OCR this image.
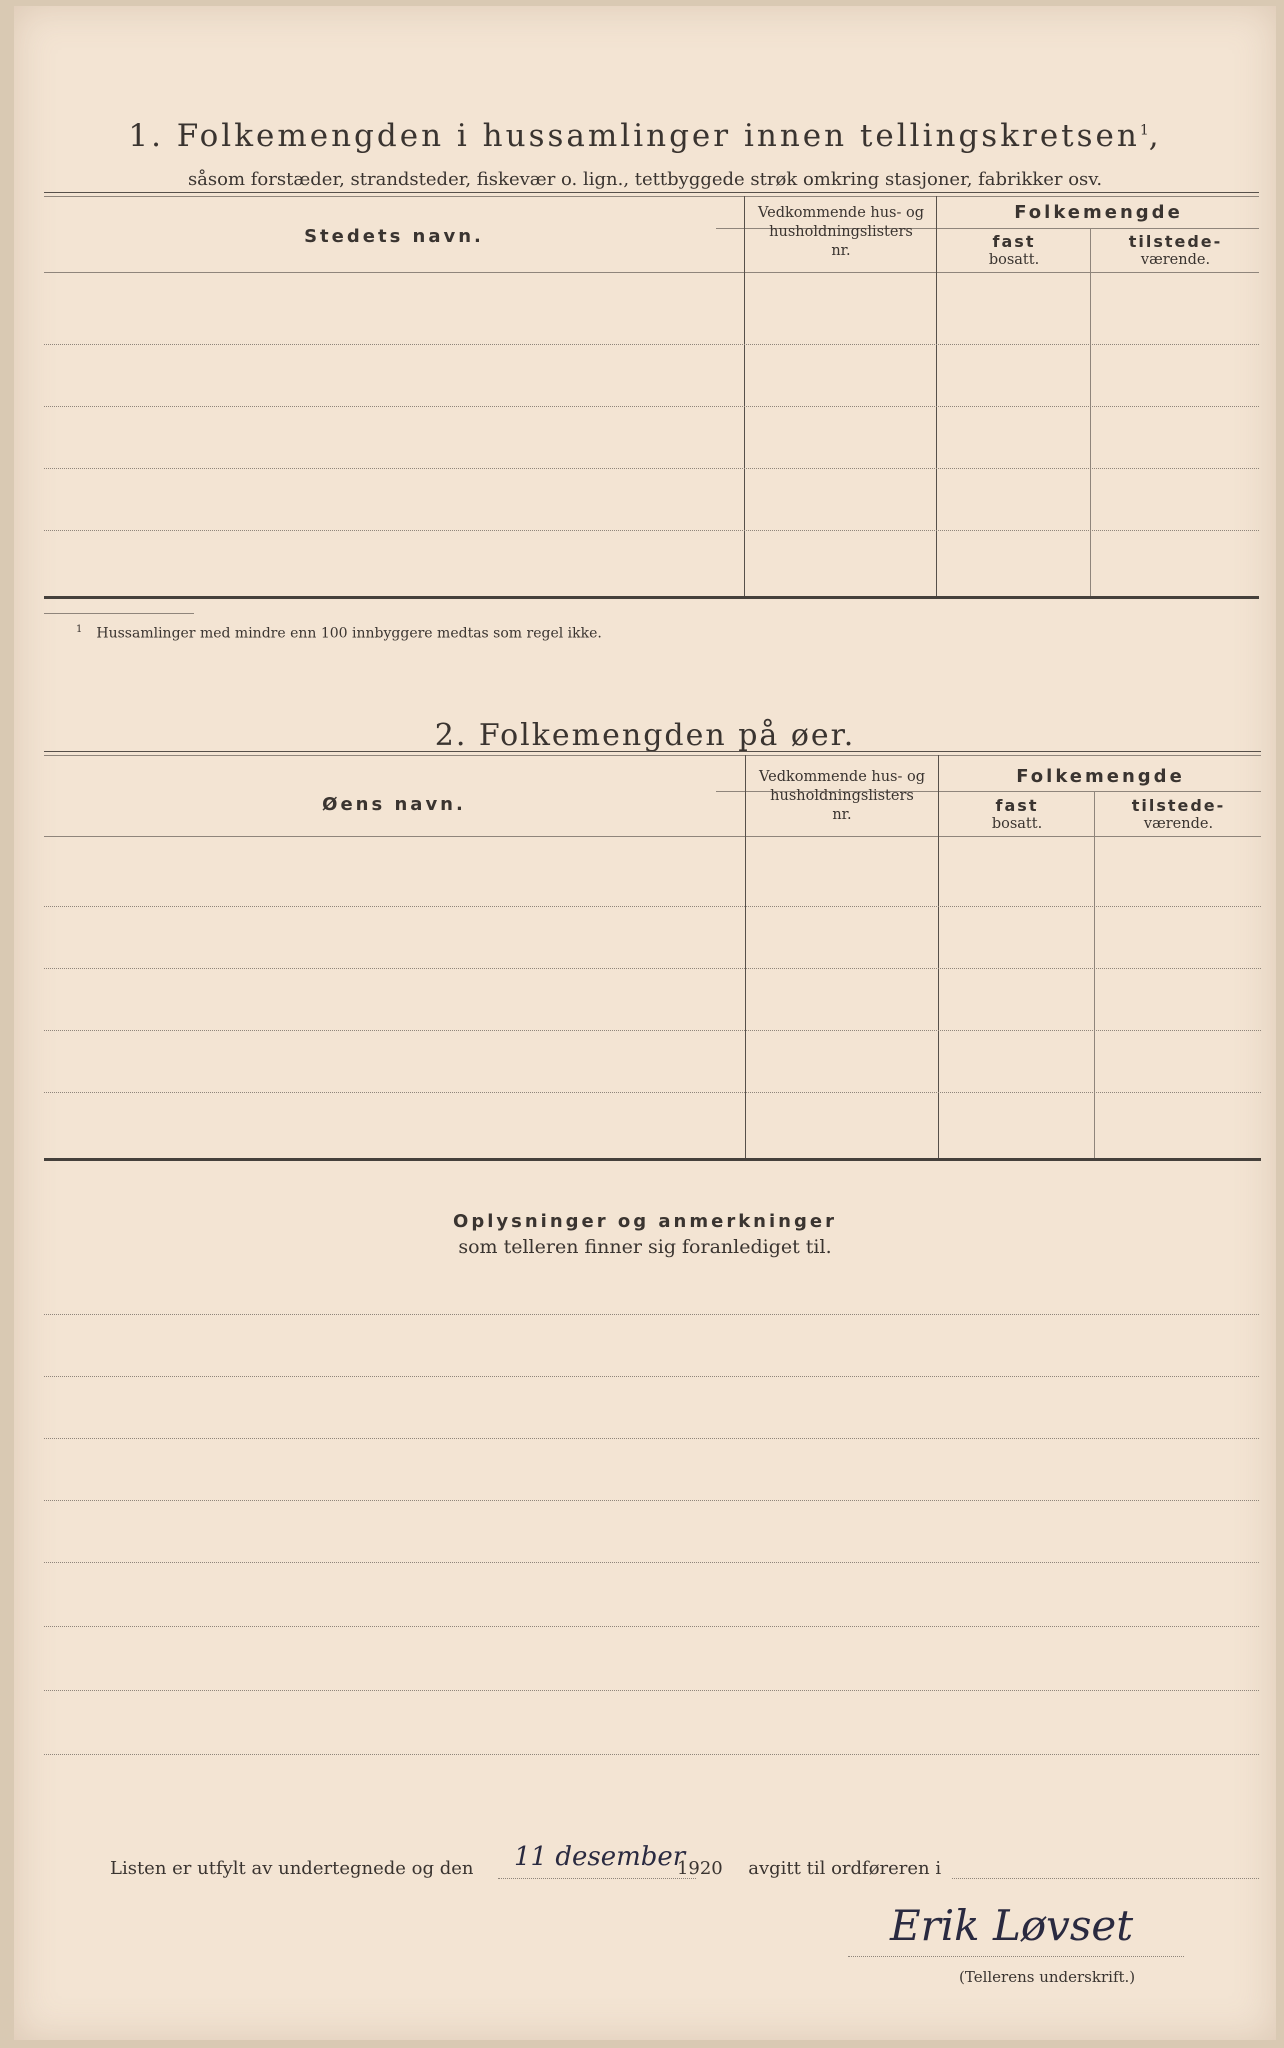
1. Folkemengden i hussamlinger innen tellingskretsen$^1$,
såsom forstæder, strandsteder, fiskevær o. lign., tettbyggede strøk omkring stasjoner, fabrikker osv.
Stedets navn.
Vedkommende hus- og
husholdningslisters
nr.
Folkemengde
fast
bosatt.
tilstede-
værende.
$^1$ Hussamlinger med mindre enn 100 innbyggere medtas som regel ikke.
2. Folkemengden på øer.
Øens navn.
Vedkommende hus- og
husholdningslisters
nr.
Folkemengde
fast
bosatt.
tilstede-
værende.
Oplysninger og anmerkninger
som telleren finner sig foranlediget til.
Listen er utfylt av undertegnede og den	1920 avgitt til ordføreren i
11 desember
Erik Løvset
(Tellerens underskrift.)
